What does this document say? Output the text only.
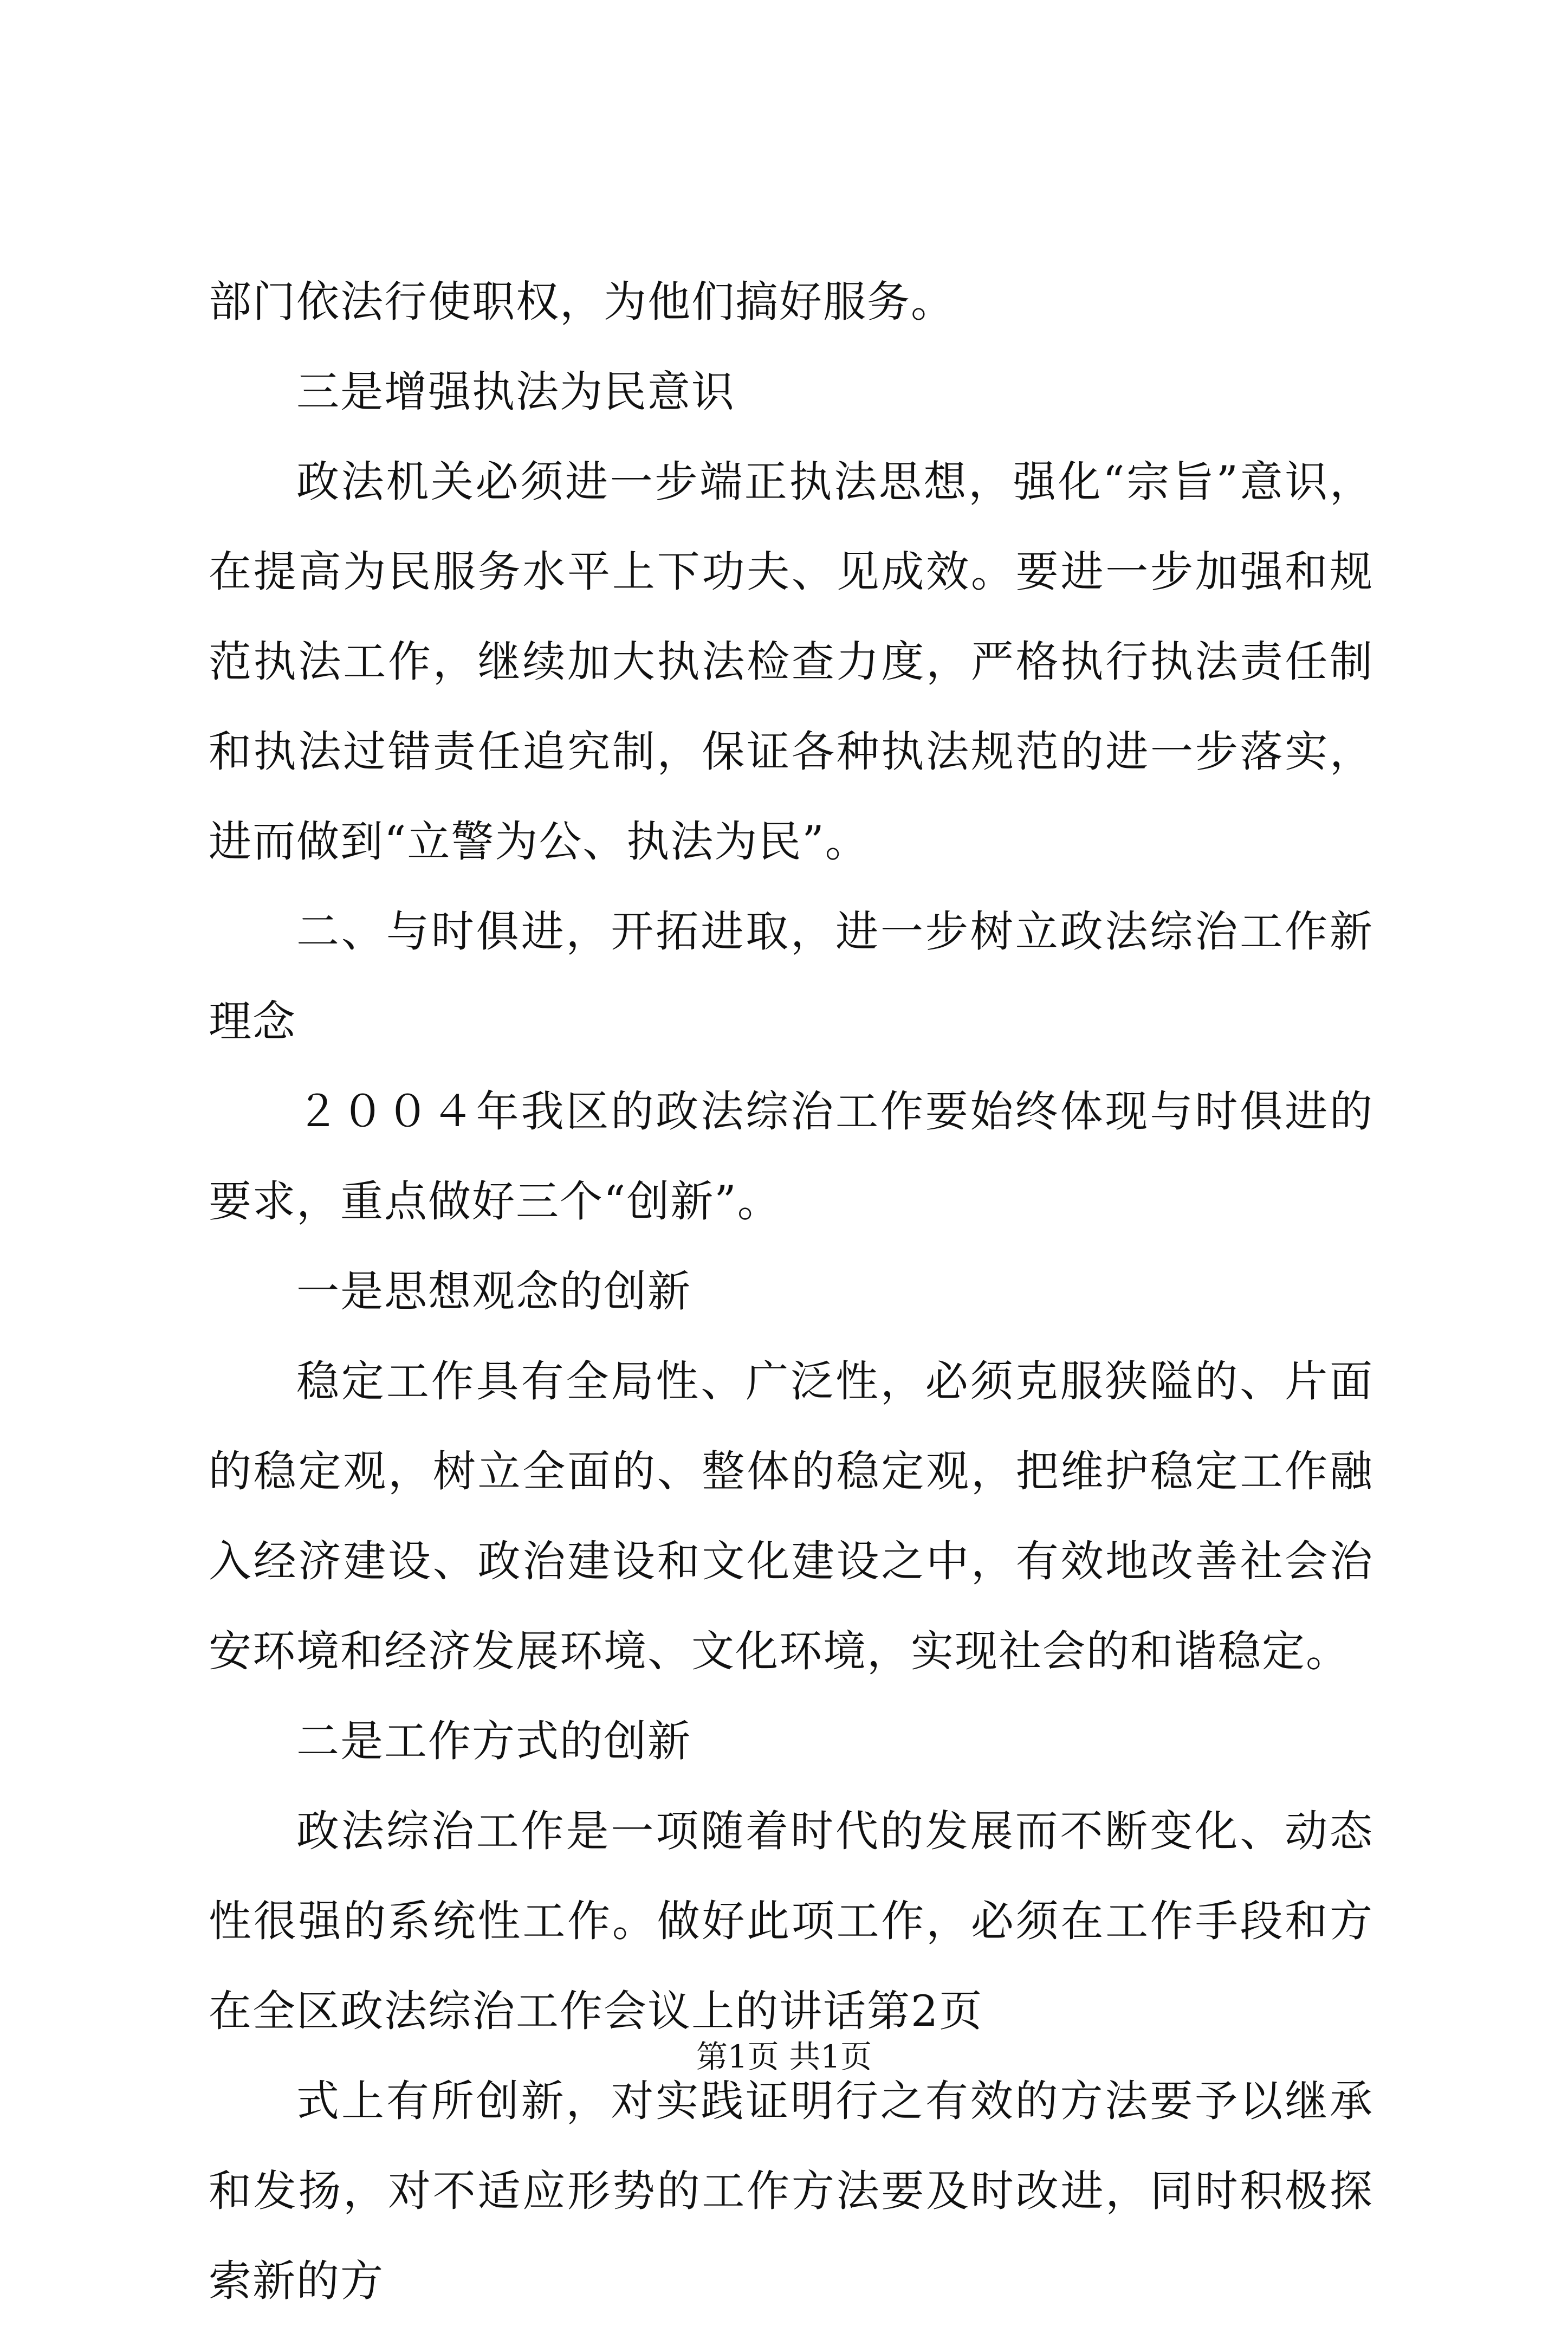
部门依法行使职权，为他们搞好服务。

三是增强执法为民意识

政法机关必须进一步端正执法思想，强化“宗旨”意识，在提高为民服务水平上下功夫、见成效。要进一步加强和规范执法工作，继续加大执法检查力度，严格执行执法责任制和执法过错责任追究制，保证各种执法规范的进一步落实，进而做到“立警为公、执法为民”。

二、与时俱进，开拓进取，进一步树立政法综治工作新理念

２００４年我区的政法综治工作要始终体现与时俱进的要求，重点做好三个“创新”。

一是思想观念的创新

稳定工作具有全局性、广泛性，必须克服狭隘的、片面的稳定观，树立全面的、整体的稳定观，把维护稳定工作融入经济建设、政治建设和文化建设之中，有效地改善社会治安环境和经济发展环境、文化环境，实现社会的和谐稳定。

二是工作方式的创新

政法综治工作是一项随着时代的发展而不断变化、动态性很强的系统性工作。做好此项工作，必须在工作手段和方在全区政法综治工作会议上的讲话第2页

式上有所创新，对实践证明行之有效的方法要予以继承和发扬，对不适应形势的工作方法要及时改进，同时积极探索新的方

第1页 共1页
